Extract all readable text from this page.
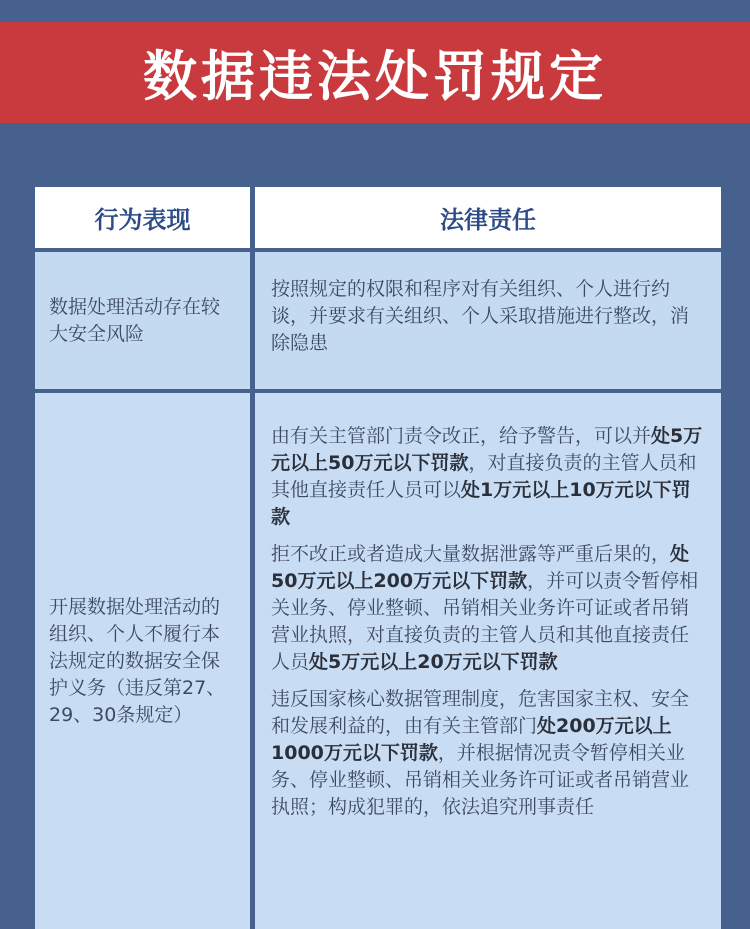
数据违法处罚规定
行为表现	法律责任
数据处理活动存在较大安全风险

按照规定的权限和程序对有关组织、个人进行约谈，并要求有关组织、个人采取措施进行整改，消除隐患

开展数据处理活动的组织、个人不履行本法规定的数据安全保护义务（违反第27、29、30条规定）

由有关主管部门责令改正，给予警告，可以并处5万元以上50万元以下罚款，对直接负责的主管人员和其他直接责任人员可以处1万元以上10万元以下罚款

拒不改正或者造成大量数据泄露等严重后果的，处50万元以上200万元以下罚款，并可以责令暂停相关业务、停业整顿、吊销相关业务许可证或者吊销营业执照，对直接负责的主管人员和其他直接责任人员处5万元以上20万元以下罚款

违反国家核心数据管理制度，危害国家主权、安全和发展利益的，由有关主管部门处200万元以上1000万元以下罚款，并根据情况责令暂停相关业务、停业整顿、吊销相关业务许可证或者吊销营业执照；构成犯罪的，依法追究刑事责任
